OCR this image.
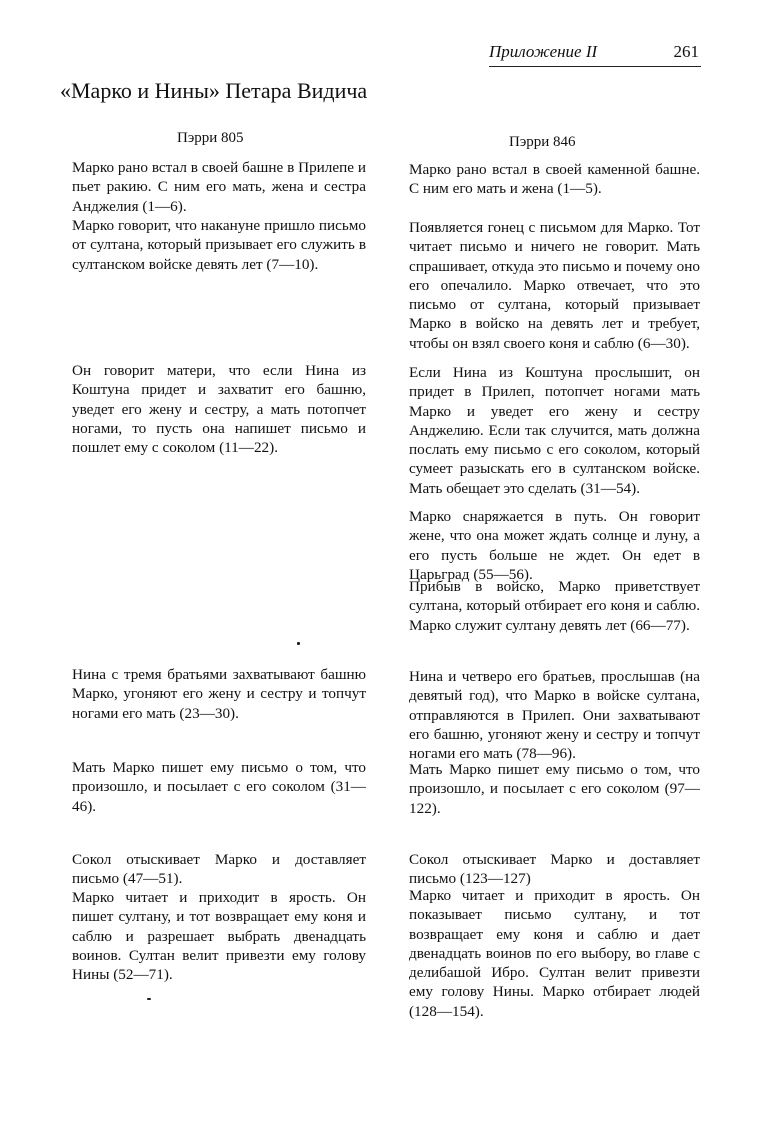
Приложение II	261
«Марко и Нины» Петара Видича
Пэрри 805	Пэрри 846

Марко рано встал в своей башне в Прилепе и пьет ракию. С ним его мать, жена и сестра Анджелия (1—6).

Марко говорит, что накануне пришло письмо от султана, который призывает его служить в султанском войске девять лет (7—10).

Он говорит матери, что если Нина из Коштуна придет и захватит его башню, уведет его жену и сестру, а мать потопчет ногами, то пусть она напишет письмо и пошлет ему с соколом (11—22).

Нина с тремя братьями захватывают башню Марко, угоняют его жену и сестру и топчут ногами его мать (23—30).

Мать Марко пишет ему письмо о том, что произошло, и посылает с его соколом (31—46).

Сокол отыскивает Марко и доставляет письмо (47—51).

Марко читает и приходит в ярость. Он пишет султану, и тот возвращает ему коня и саблю и разрешает выбрать двенадцать воинов. Султан велит привезти ему голову Нины (52—71).

Марко рано встал в своей каменной башне. С ним его мать и жена (1—5).

Появляется гонец с письмом для Марко. Тот читает письмо и ничего не говорит. Мать спрашивает, откуда это письмо и почему оно его опечалило. Марко отвечает, что это письмо от султана, который призывает Марко в войско на девять лет и требует, чтобы он взял своего коня и саблю (6—30).

Если Нина из Коштуна прослышит, он придет в Прилеп, потопчет ногами мать Марко и уведет его жену и сестру Анджелию. Если так случится, мать должна послать ему письмо с его соколом, который сумеет разыскать его в султанском войске. Мать обещает это сделать (31—54).

Марко снаряжается в путь. Он говорит жене, что она может ждать солнце и луну, а его пусть больше не ждет. Он едет в Царьград (55—56).

Прибыв в войско, Марко приветствует султана, который отбирает его коня и саблю. Марко служит султану девять лет (66—77).

Нина и четверо его братьев, прослышав (на девятый год), что Марко в войске султана, отправляются в Прилеп. Они захватывают его башню, угоняют жену и сестру и топчут ногами его мать (78—96).

Мать Марко пишет ему письмо о том, что произошло, и посылает с его соколом (97—122).

Сокол отыскивает Марко и доставляет письмо (123—127)

Марко читает и приходит в ярость. Он показывает письмо султану, и тот возвращает ему коня и саблю и дает двенадцать воинов по его выбору, во главе с делибашой Ибро. Султан велит привезти ему голову Нины. Марко отбирает людей (128—154).
